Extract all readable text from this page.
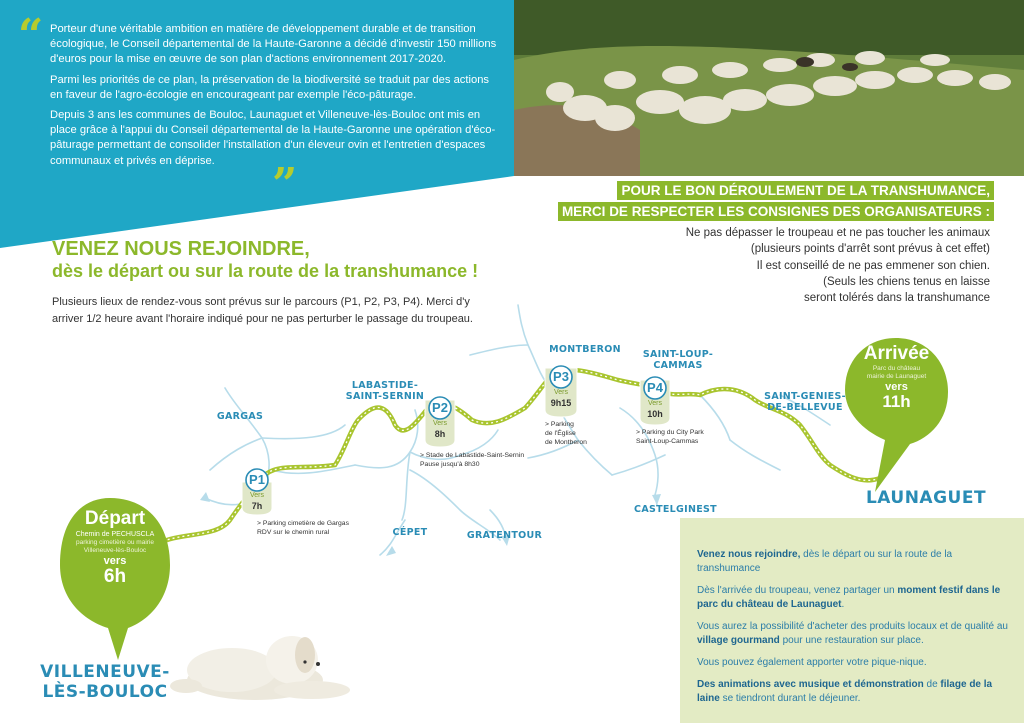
“ Porteur d'une véritable ambition en matière de développement durable et de transition écologique, le Conseil départemental de la Haute-Garonne a décidé d'investir 150 millions d'euros pour la mise en œuvre de son plan d'actions environnement 2017-2020.

Parmi les priorités de ce plan, la préservation de la biodiversité se traduit par des actions en faveur de l'agro-écologie en encourageant par exemple l'éco-pâturage.

Depuis 3 ans les communes de Bouloc, Launaguet et Villeneuve-lès-Bouloc ont mis en place grâce à l'appui du Conseil départemental de la Haute-Garonne une opération d'éco-pâturage permettant de consolider l'installation d'un éleveur ovin et l'entretien d'espaces communaux et privés en déprise.	”	POUR LE BON DÉROULEMENT DE LA TRANSHUMANCE,
MERCI DE RESPECTER LES CONSIGNES DES ORGANISATEURS :
Ne pas dépasser le troupeau et ne pas toucher les animaux
(plusieurs points d'arrêt sont prévus à cet effet)
Il est conseillé de ne pas emmener son chien.
(Seuls les chiens tenus en laisse
seront tolérés dans la transhumance
VENEZ NOUS REJOINDRE,
dès le départ ou sur la route de la transhumance !
Plusieurs lieux de rendez-vous sont prévus sur le parcours (P1, P2, P3, P4). Merci d'y arriver 1/2 heure avant l'horaire indiqué pour ne pas perturber le passage du troupeau.
GARGAS
LABASTIDE-
SAINT-SERNIN
MONTBERON	SAINT-LOUP-
CAMMAS
SAINT-GENIES-
DE-BELLEVUE
CÉPET	GRATENTOUR
CASTELGINEST
LAUNAGUET
VILLENEUVE-
LÈS-BOULOC
Départ
Chemin de PECHUSCLA
parking cimetière ou mairie
Villeneuve-lès-Bouloc
vers
6h
Arrivée
Parc du château
mairie de Launaguet
vers
11h
P1
Vers
7h
> Parking cimetière de Gargas
RDV sur le chemin rural
P2
Vers
8h
> Stade de Labastide-Saint-Sernin
Pause jusqu'à 8h30
P3
Vers
9h15
> Parking
de l'Église
de Montberon
P4
Vers
10h
> Parking du City Park
Saint-Loup-Cammas

Venez nous rejoindre, dès le départ ou sur la route de la transhumance

Dès l'arrivée du troupeau, venez partager un moment festif dans le parc du château de Launaguet.

Vous aurez la possibilité d'acheter des produits locaux et de qualité au village gourmand pour une restauration sur place.

Vous pouvez également apporter votre pique-nique.

Des animations avec musique et démonstration de filage de la laine se tiendront durant le déjeuner.
